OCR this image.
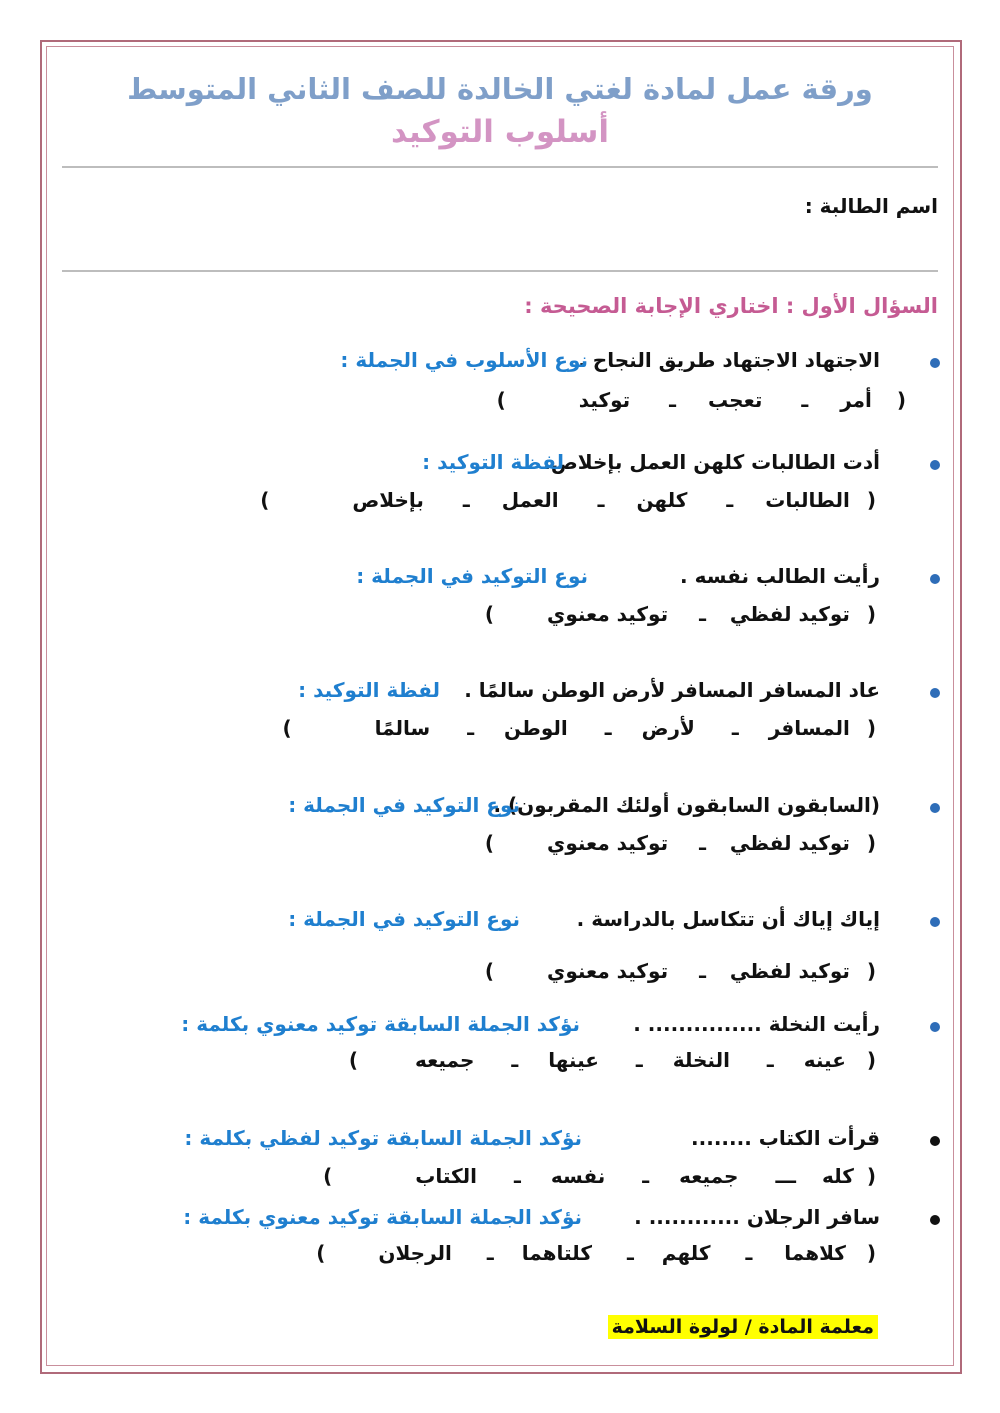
ورقة عمل لمادة لغتي الخالدة للصف الثاني المتوسط
أسلوب التوكيد
اسم الطالبة :
السؤال الأول : اختاري الإجابة الصحيحة :
الاجتهاد الاجتهاد طريق النجاح .
نوع الأسلوب في الجملة :
( أمرـ تعجبـ توكيد )
أدت الطالبات كلهن العمل بإخلاص.
لفظة التوكيد :
( الطالباتـ كلهنـ العملـ بإخلاص )
رأيت الطالب نفسه .
نوع التوكيد في الجملة :
( توكيد لفظيـ توكيد معنوي )
عاد المسافر المسافر لأرض الوطن سالمًا .
لفظة التوكيد :
( المسافرـ لأرضـ الوطنـ سالمًا )
(السابقون السابقون أولئك المقربون) .
نوع التوكيد في الجملة :
( توكيد لفظيـ توكيد معنوي )
إياك إياك أن تتكاسل بالدراسة .
نوع التوكيد في الجملة :
( توكيد لفظيـ توكيد معنوي )
رأيت النخلة ............... .
نؤكد الجملة السابقة توكيد معنوي بكلمة :
( عينهـ النخلةـ عينهاـ جميعه )
قرأت الكتاب ........
نؤكد الجملة السابقة توكيد لفظي بكلمة :
( كلهـــ جميعهـ نفسهـ الكتاب )
سافر الرجلان ............ .
نؤكد الجملة السابقة توكيد معنوي بكلمة :
( كلاهماـ كلهمـ كلتاهماـ الرجلان )
معلمة المادة / لولوة السلامة
